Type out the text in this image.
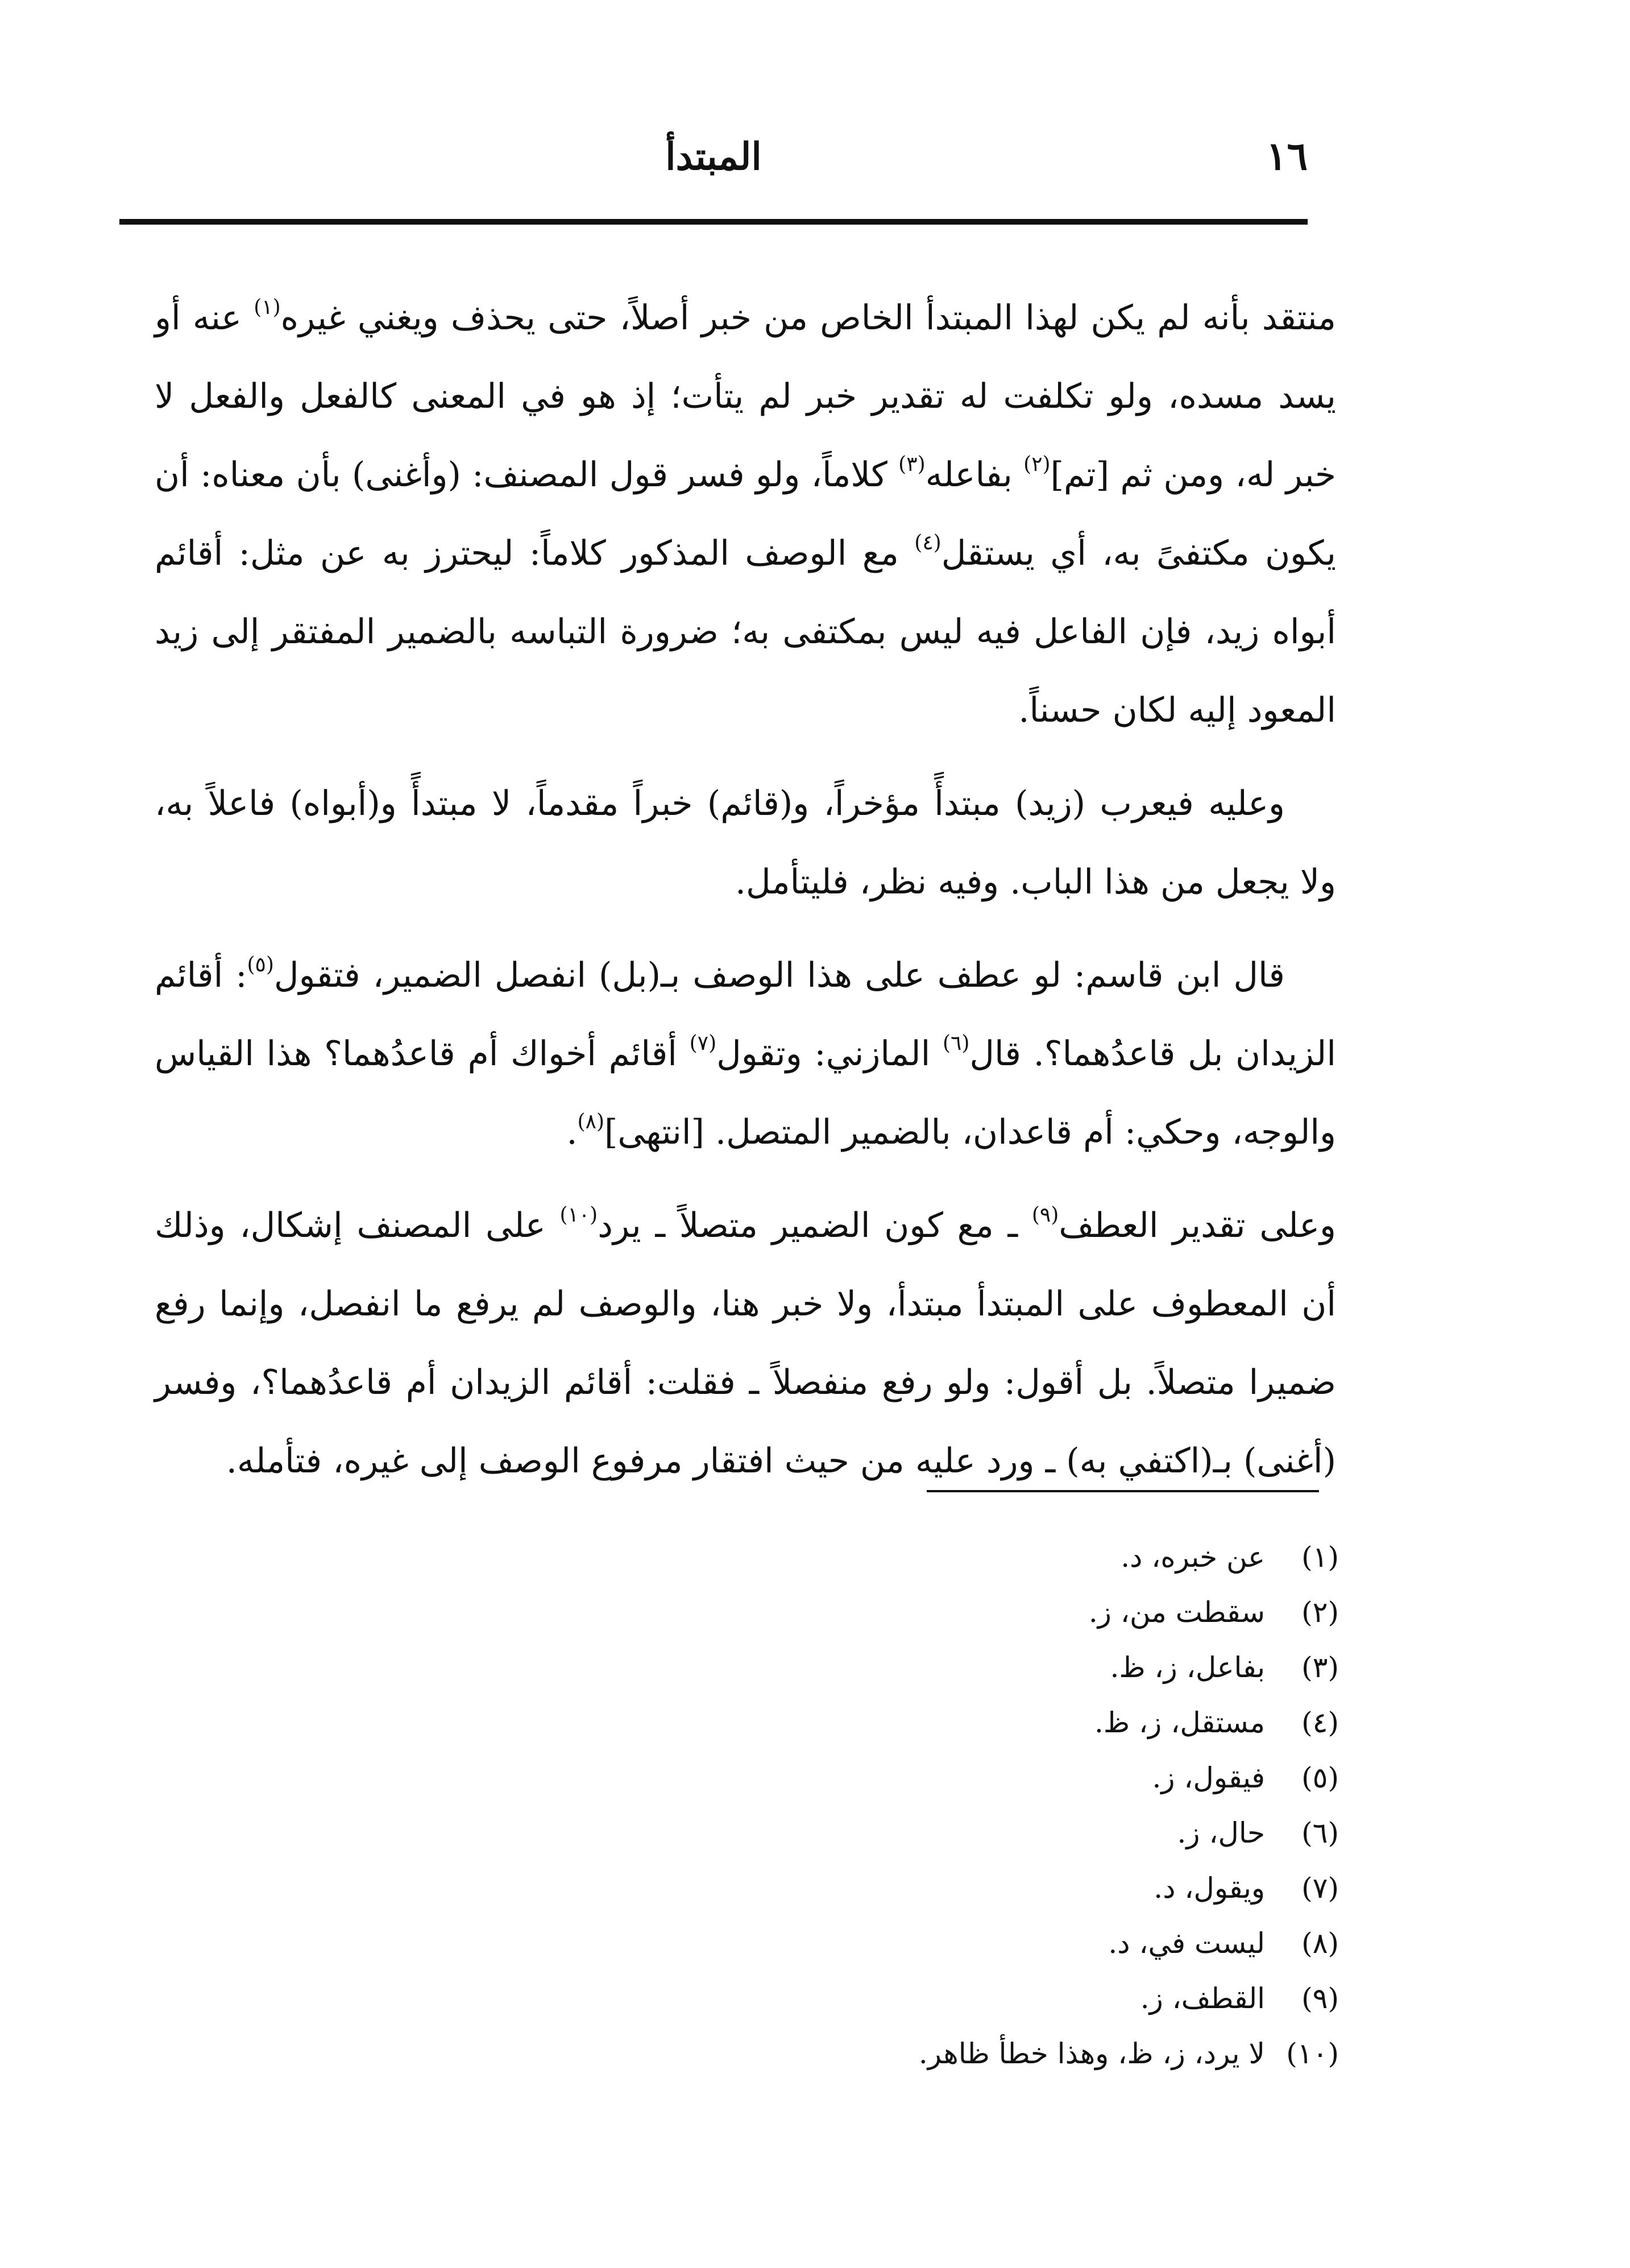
١٦
المبتدأ

منتقد بأنه لم يكن لهذا المبتدأ الخاص من خبر أصلاً، حتى يحذف ويغني غيره$^{(١)}$ عنه أو يسد مسده، ولو تكلفت له تقدير خبر لم يتأت؛ إذ هو في المعنى كالفعل والفعل لا خبر له، ومن ثم [تم]$^{(٢)}$ بفاعله$^{(٣)}$ كلاماً، ولو فسر قول المصنف: (وأغنى) بأن معناه: أن يكون مكتفىً به، أي يستقل$^{(٤)}$ مع الوصف المذكور كلاماً: ليحترز به عن مثل: أقائم أبواه زيد، فإن الفاعل فيه ليس بمكتفى به؛ ضرورة التباسه بالضمير المفتقر إلى زيد المعود إليه لكان حسناً.

وعليه فيعرب (زيد) مبتدأً مؤخراً، و(قائم) خبراً مقدماً، لا مبتدأً و(أبواه) فاعلاً به، ولا يجعل من هذا الباب. وفيه نظر، فليتأمل.

قال ابن قاسم: لو عطف على هذا الوصف بـ(بل) انفصل الضمير، فتقول$^{(٥)}$: أقائم الزيدان بل قاعدُهما؟. قال$^{(٦)}$ المازني: وتقول$^{(٧)}$ أقائم أخواك أم قاعدُهما؟ هذا القياس والوجه، وحكي: أم قاعدان، بالضمير المتصل. [انتهى]$^{(٨)}$.

وعلى تقدير العطف$^{(٩)}$ ـ مع كون الضمير متصلاً ـ يرد$^{(١٠)}$ على المصنف إشكال، وذلك أن المعطوف على المبتدأ مبتدأ، ولا خبر هنا، والوصف لم يرفع ما انفصل، وإنما رفع ضميرا متصلاً. بل أقول: ولو رفع منفصلاً ـ فقلت: أقائم الزيدان أم قاعدُهما؟، وفسر (أغنى) بـ(اكتفي به) ـ ورد عليه من حيث افتقار مرفوع الوصف إلى غيره، فتأمله.

(١)عن خبره، د.
(٢)سقطت من، ز.
(٣)بفاعل، ز، ظ.
(٤)مستقل، ز، ظ.
(٥)فيقول، ز.
(٦)حال، ز.
(٧)ويقول، د.
(٨)ليست في، د.
(٩)القطف، ز.
(١٠)لا يرد، ز، ظ، وهذا خطأ ظاهر.
